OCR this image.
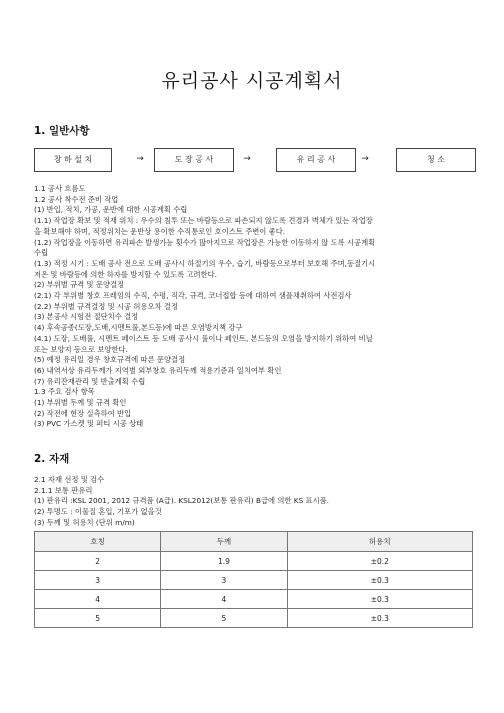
유리공사 시공계획서
1. 일반사항
창 하 설 치	→	도 장 공 사	→	유 리 공 사	→	청 소
1.1 공사 흐름도
1.2 공사 착수전 준비 작업
(1) 반입, 적치, 가공, 운반에 대한 시공계획 수립
(1.1) 작업장 확보 및 적재 위치 : 우수의 침투 또는 바람등으로 파손되지 않도록 견경과 벽체가 있는 작업장
을 확보해야 하며, 적정위치는 운반상 용이한 수직통로인 호이스트 주변이 좋다.
(1.2) 작업장을 이동하면 유리파손 발생가능 횟수가 많아지므로 작업장은 가능한 이동하지 않 도록 시공계획
수립
(1.3) 적정 시기 : 도배 공사 전으로 도배 공사시 하절기의 우수, 습기, 바람등으로부터 보호해 주며,동절기시
저온 및 바람등에 의한 하자를 방지할 수 있도록 고려한다.
(2) 부위별 규격 및 문양결정
(2.1) 각 부위별 창호 프레임의 수직, 수평, 직각, 규격, 코너접합 등에 대하여 샘플채취하여 사전검사
(2.2) 부위별 규격결정 및 시공 허용오차 결정
(3) 본공사 시험전 절단치수 결정
(4) 후속공종(도장,도배,시멘트풀,본드등)에 따른 오염방지책 강구
(4.1) 도장, 도배풀, 시멘트 페이스트 등 도배 공사시 풀이나 페인트, 본드등의 오염을 방지하기 위하여 비닐
또는 보양지 등으로 보양한다.
(5) 예정 유리일 경우 창호규격에 따른 문양결정
(6) 내역서상 유리두께가 지역별 외부창호 유리두께 적용기준과 일치여부 확인
(7) 유리잔재관리 및 반출계획 수립
1.3 주요 검사 항목
(1) 부위별 두께 및 규격 확인
(2) 작전에 현장 실측하여 반입
(3) PVC 가스켓 및 퍼티 시공 상태
2. 자재
2.1 자재 선정 및 검수
2.1.1 보통 판유리
(1) 판유리 :KSL 2001, 2012 규격품 (A급). KSL2012(보통 판유리) B급에 의한 KS 표시품.
(2) 투명도 : 이물질 혼입, 기포가 없을것
(3) 두께 및 허용치 (단위 m/m)
호칭	두께	허용치
2	1.9	±0.2
3	3	±0.3
4	4	±0.3
5	5	±0.3
